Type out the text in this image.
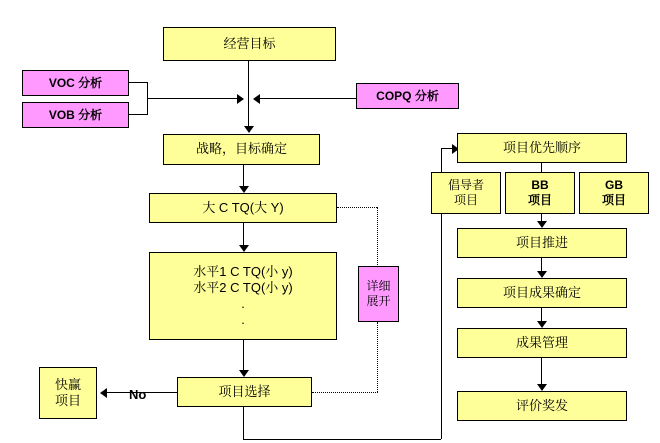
经营目标
VOC 分析
VOB 分析
COPQ 分析
战略，目标确定
大 C TQ(大 Y)
水平1 C TQ(小 y)
水平2 C TQ(小 y)
.
.
详细
展开
项目选择
快赢
项目
项目优先顺序
倡导者
项目
BB
项目
GB
项目
项目推进
项目成果确定
成果管理
评价奖发
No
